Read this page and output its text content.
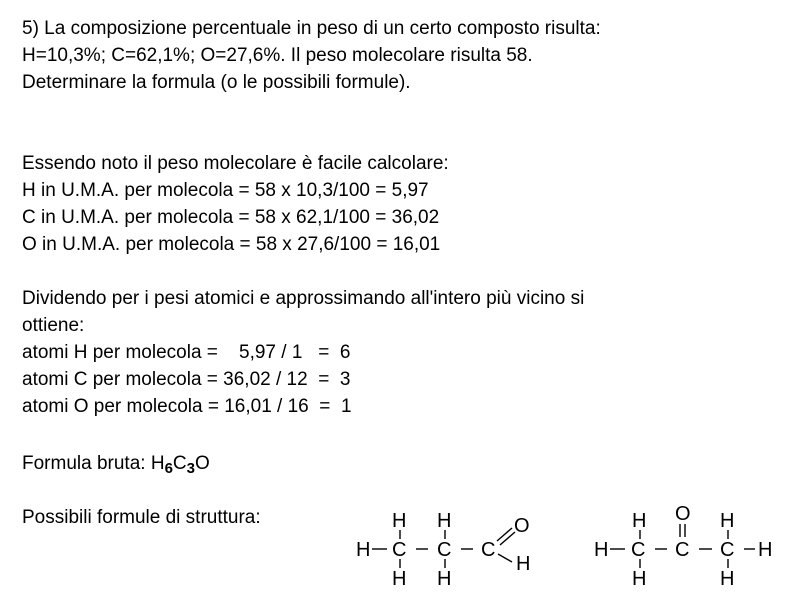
5) La composizione percentuale in peso di un certo composto risulta:
H=10,3%; C=62,1%; O=27,6%. Il peso molecolare risulta 58.
Determinare la formula (o le possibili formule).
Essendo noto il peso molecolare è facile calcolare:
H in U.M.A. per molecola = 58 x 10,3/100 = 5,97
C in U.M.A. per molecola = 58 x 62,1/100 = 36,02
O in U.M.A. per molecola = 58 x 27,6/100 = 16,01
Dividendo per i pesi atomici e approssimando all'intero più vicino si
ottiene:
atomi H per molecola =    5,97 / 1   =  6
atomi C per molecola = 36,02 / 12  =  3
atomi O per molecola = 16,01 / 16  =  1
Formula bruta: $H_6C_3O$
Possibili formule di struttura:	H H
H C C C
O
H
H H
H O H
H C C C H
H	H
